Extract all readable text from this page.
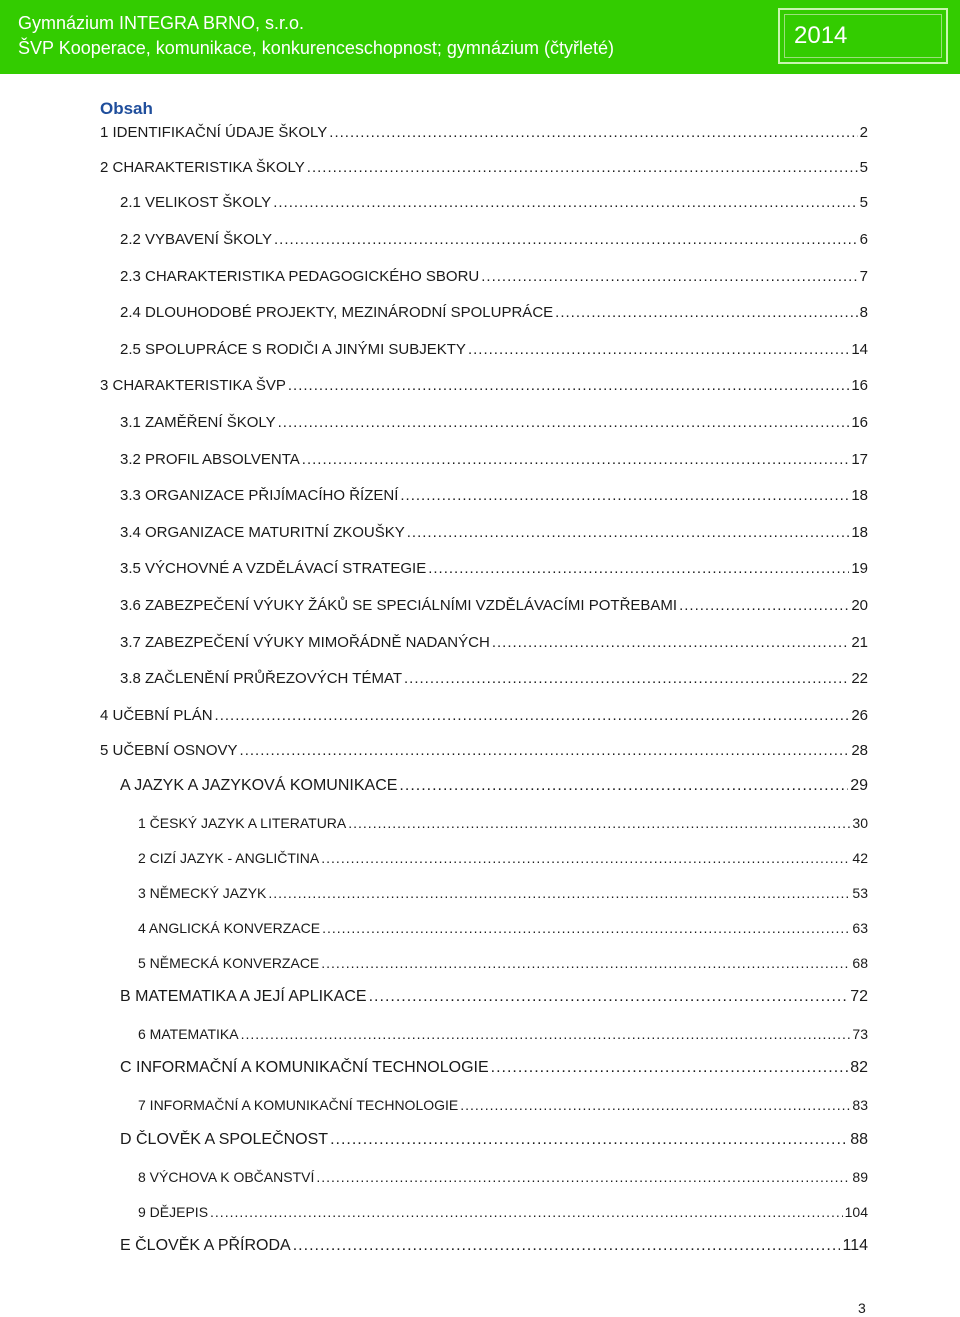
Gymnázium INTEGRA BRNO, s.r.o.
ŠVP Kooperace, komunikace, konkurenceschopnost; gymnázium (čtyřleté)	2014
Obsah
1 IDENTIFIKAČNÍ ÚDAJE ŠKOLY .....	2
2 CHARAKTERISTIKA ŠKOLY .....	5
2.1 VELIKOST ŠKOLY .....	5
2.2 VYBAVENÍ ŠKOLY .....	6
2.3 CHARAKTERISTIKA PEDAGOGICKÉHO SBORU .....	7
2.4 DLOUHODOBÉ PROJEKTY, MEZINÁRODNÍ SPOLUPRÁCE .....	8
2.5 SPOLUPRÁCE S RODIČI A JINÝMI SUBJEKTY .....	14
3 CHARAKTERISTIKA ŠVP .....	16
3.1 ZAMĚŘENÍ ŠKOLY .....	16
3.2 PROFIL ABSOLVENTA .....	17
3.3 ORGANIZACE PŘIJÍMACÍHO ŘÍZENÍ .....	18
3.4 ORGANIZACE MATURITNÍ ZKOUŠKY .....	18
3.5 VÝCHOVNÉ A VZDĚLÁVACÍ STRATEGIE .....	19
3.6 ZABEZPEČENÍ VÝUKY ŽÁKŮ SE SPECIÁLNÍMI VZDĚLÁVACÍMI POTŘEBAMI .....	20
3.7 ZABEZPEČENÍ VÝUKY MIMOŘÁDNĚ NADANÝCH .....	21
3.8 ZAČLENĚNÍ PRŮŘEZOVÝCH TÉMAT .....	22
4 UČEBNÍ PLÁN .....	26
5 UČEBNÍ OSNOVY .....	28
A JAZYK A JAZYKOVÁ KOMUNIKACE .....	29
1 ČESKÝ JAZYK A LITERATURA .....	30
2 CIZÍ JAZYK - ANGLIČTINA .....	42
3 NĚMECKÝ JAZYK .....	53
4 ANGLICKÁ KONVERZACE .....	63
5 NĚMECKÁ KONVERZACE .....	68
B MATEMATIKA A JEJÍ APLIKACE .....	72
6 MATEMATIKA .....	73
C INFORMAČNÍ A KOMUNIKAČNÍ TECHNOLOGIE .....	82
7 INFORMAČNÍ A KOMUNIKAČNÍ TECHNOLOGIE .....	83
D ČLOVĚK A SPOLEČNOST .....	88
8 VÝCHOVA K OBČANSTVÍ .....	89
9 DĚJEPIS .....	104
E ČLOVĚK A PŘÍRODA .....	114
3
